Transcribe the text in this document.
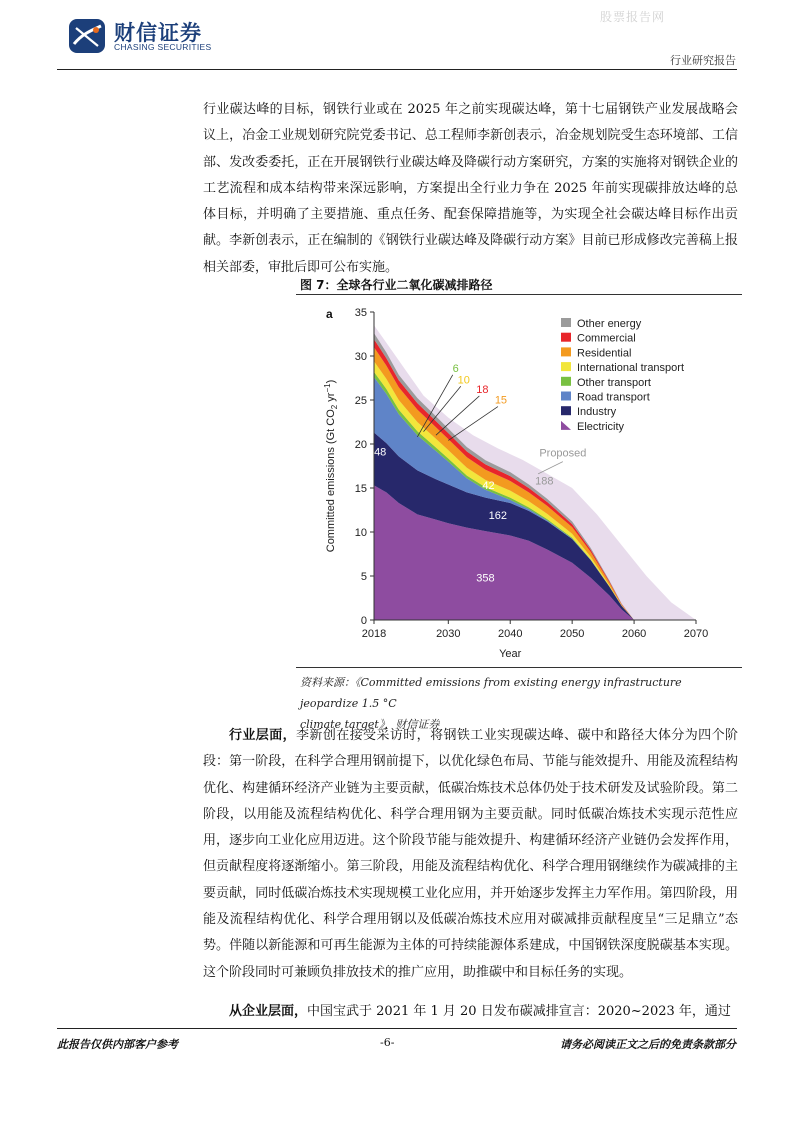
财信证券
CHASING SECURITIES
股票报告网
行业研究报告
行业碳达峰的目标，钢铁行业或在 2025 年之前实现碳达峰，第十七届钢铁产业发展战略会议上，冶金工业规划研究院党委书记、总工程师李新创表示，冶金规划院受生态环境部、工信部、发改委委托，正在开展钢铁行业碳达峰及降碳行动方案研究，方案的实施将对钢铁企业的工艺流程和成本结构带来深远影响，方案提出全行业力争在 2025 年前实现碳排放达峰的总体目标，并明确了主要措施、重点任务、配套保障措施等，为实现全社会碳达峰目标作出贡献。李新创表示，正在编制的《钢铁行业碳达峰及降碳行动方案》目前已形成修改完善稿上报相关部委，审批后即可公布实施。
图 7：全球各行业二氧化碳减排路径
0
5
10
15
20
25
30
35
2018	2030	2040	2050	2060	2070
Year
Committed emissions (Gt $CO_2$ $yr^{-1}$)
a
48
162
358
42	188
Proposed
6
10
18
15
Other energy
Commercial
Residential
International transport
Other transport
Road transport
Industry
Electricity
资料来源：《Committed emissions from existing energy infrastructure jeopardize 1.5 °C
climate target》，财信证券
行业层面，李新创在接受采访时，将钢铁工业实现碳达峰、碳中和路径大体分为四个阶段：第一阶段，在科学合理用钢前提下，以优化绿色布局、节能与能效提升、用能及流程结构优化、构建循环经济产业链为主要贡献，低碳冶炼技术总体仍处于技术研发及试验阶段。第二阶段，以用能及流程结构优化、科学合理用钢为主要贡献。同时低碳冶炼技术实现示范性应用，逐步向工业化应用迈进。这个阶段节能与能效提升、构建循环经济产业链仍会发挥作用，但贡献程度将逐渐缩小。第三阶段，用能及流程结构优化、科学合理用钢继续作为碳减排的主要贡献，同时低碳冶炼技术实现规模工业化应用，并开始逐步发挥主力军作用。第四阶段，用能及流程结构优化、科学合理用钢以及低碳冶炼技术应用对碳减排贡献程度呈“三足鼎立”态势。伴随以新能源和可再生能源为主体的可持续能源体系建成，中国钢铁深度脱碳基本实现。这个阶段同时可兼顾负排放技术的推广应用，助推碳中和目标任务的实现。
从企业层面，中国宝武于 2021 年 1 月 20 日发布碳减排宣言：2020~2023 年，通过
此报告仅供内部客户参考	-6-	请务必阅读正文之后的免责条款部分
